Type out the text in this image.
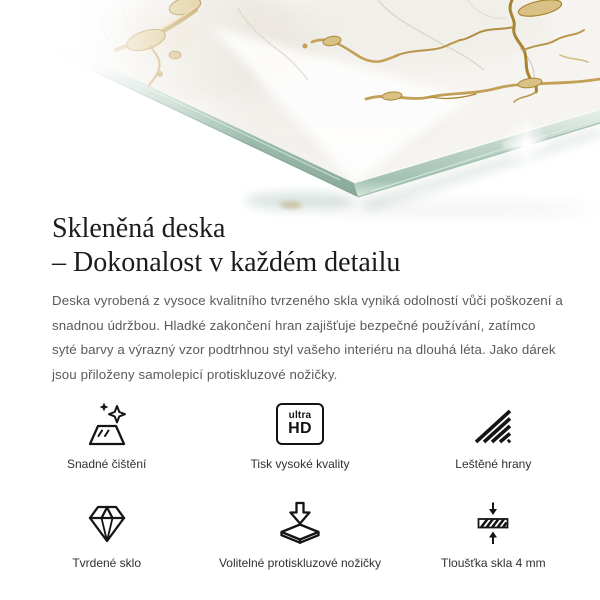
Skleněná deska
– Dokonalost v každém detailu

Deska vyrobená z vysoce kvalitního tvrzeného skla vyniká odolností vůči poškození a snadnou údržbou. Hladké zakončení hran zajišťuje bezpečné používání, zatímco syté barvy a výrazný vzor podtrhnou styl vašeho interiéru na dlouhá léta. Jako dárek jsou přiloženy samolepicí protiskluzové nožičky.

Snadné čištění
ultra
HD
Tisk vysoké kvality	Leštěné hrany
Tvrdené sklo	Volitelné protiskluzové nožičky	Tloušťka skla 4 mm
